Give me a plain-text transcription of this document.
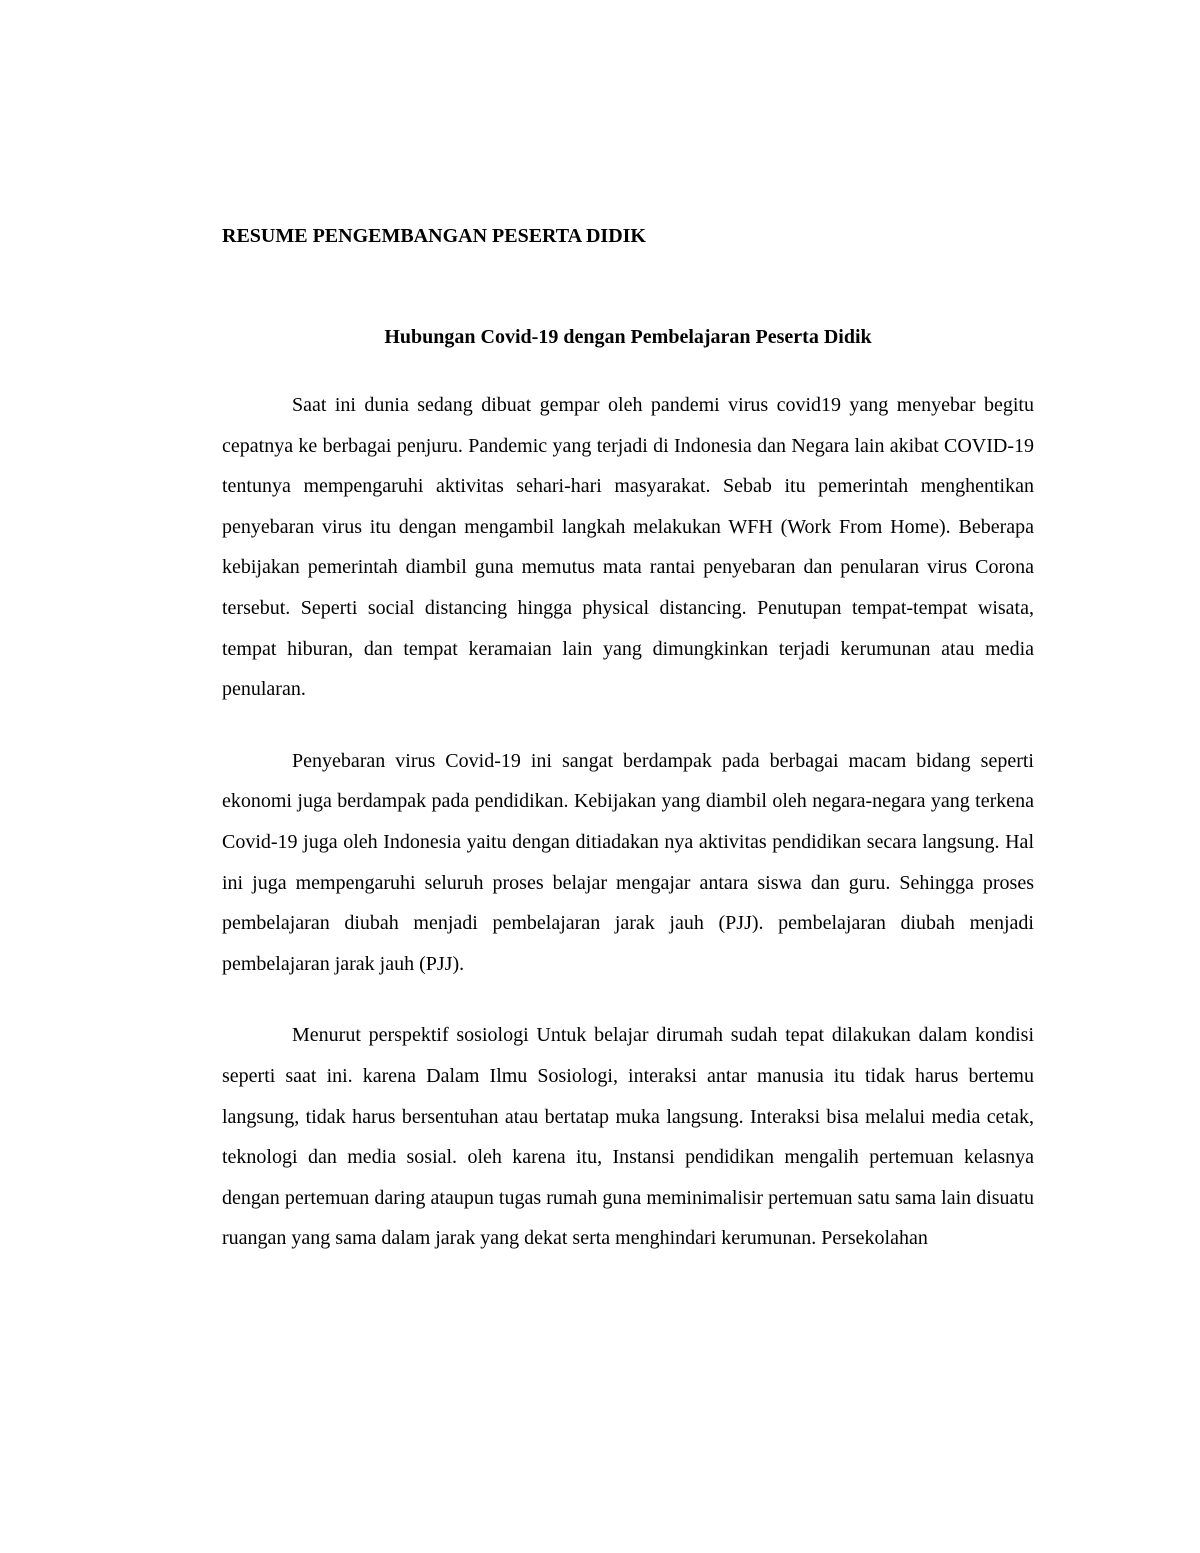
RESUME PENGEMBANGAN PESERTA DIDIK

Hubungan Covid-19 dengan Pembelajaran Peserta Didik

Saat ini dunia sedang dibuat gempar oleh pandemi virus covid19 yang menyebar begitu cepatnya ke berbagai penjuru. Pandemic yang terjadi di Indonesia dan Negara lain akibat COVID-19 tentunya mempengaruhi aktivitas sehari-hari masyarakat. Sebab itu pemerintah menghentikan penyebaran virus itu dengan mengambil langkah melakukan WFH (Work From Home). Beberapa kebijakan pemerintah diambil guna memutus mata rantai penyebaran dan penularan virus Corona tersebut. Seperti social distancing hingga physical distancing. Penutupan tempat-tempat wisata, tempat hiburan, dan tempat keramaian lain yang dimungkinkan terjadi kerumunan atau media penularan.

Penyebaran virus Covid-19 ini sangat berdampak pada berbagai macam bidang seperti ekonomi juga berdampak pada pendidikan. Kebijakan yang diambil oleh negara-negara yang terkena Covid-19 juga oleh Indonesia yaitu dengan ditiadakan nya aktivitas pendidikan secara langsung. Hal ini juga mempengaruhi seluruh proses belajar mengajar antara siswa dan guru. Sehingga proses pembelajaran diubah menjadi pembelajaran jarak jauh (PJJ). pembelajaran diubah menjadi pembelajaran jarak jauh (PJJ).

Menurut perspektif sosiologi Untuk belajar dirumah sudah tepat dilakukan dalam kondisi seperti saat ini. karena Dalam Ilmu Sosiologi, interaksi antar manusia itu tidak harus bertemu langsung, tidak harus bersentuhan atau bertatap muka langsung. Interaksi bisa melalui media cetak, teknologi dan media sosial. oleh karena itu, Instansi pendidikan mengalih pertemuan kelasnya dengan pertemuan daring ataupun tugas rumah guna meminimalisir pertemuan satu sama lain disuatu ruangan yang sama dalam jarak yang dekat serta menghindari kerumunan. Persekolahan
